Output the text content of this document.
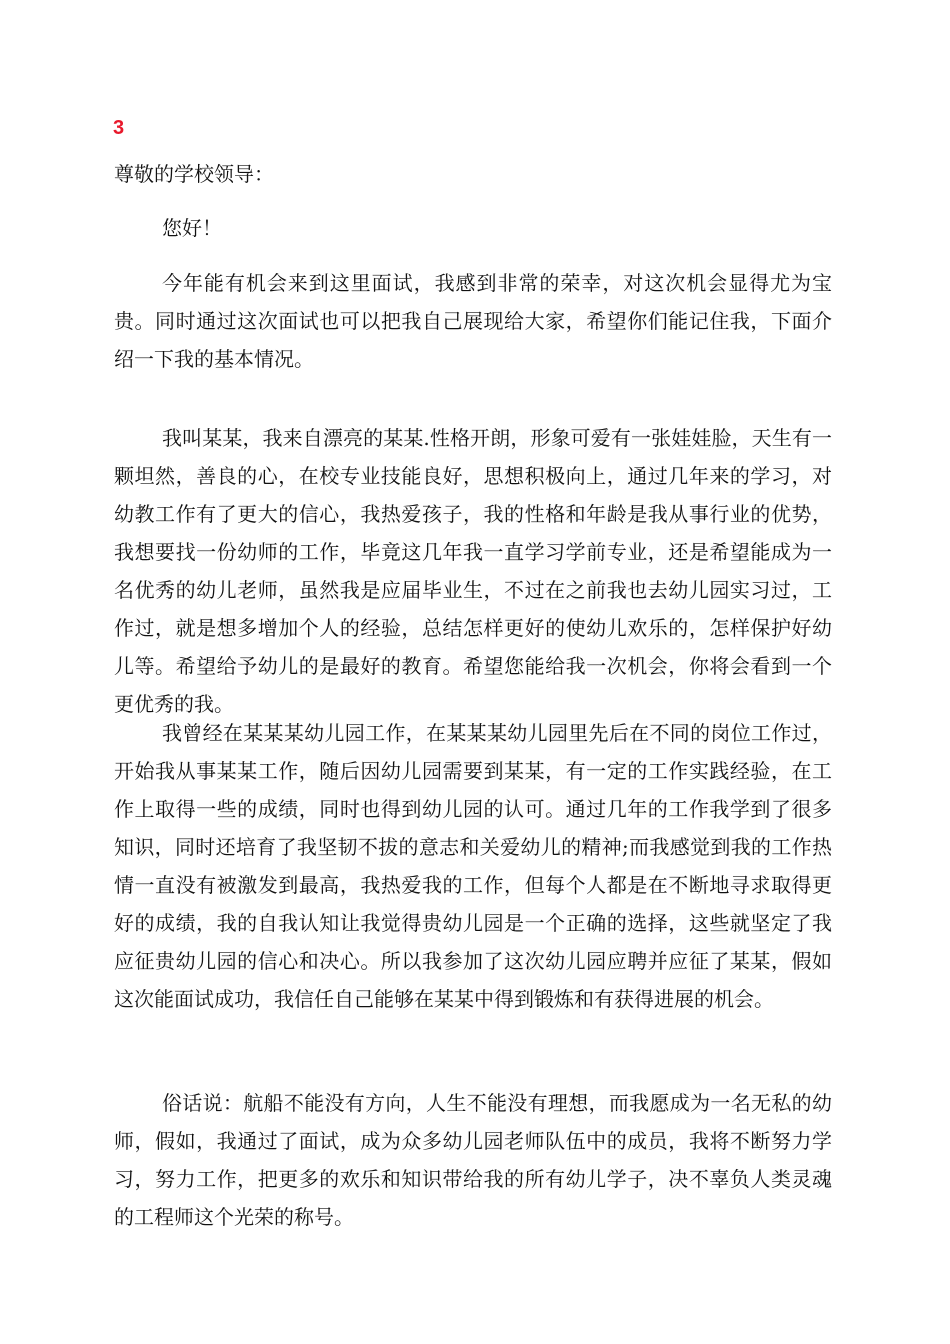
3
尊敬的学校领导：
您好！

今年能有机会来到这里面试，我感到非常的荣幸，对这次机会显得尤为宝贵。同时通过这次面试也可以把我自己展现给大家，希望你们能记住我，下面介绍一下我的基本情况。

我叫某某，我来自漂亮的某某.性格开朗，形象可爱有一张娃娃脸，天生有一颗坦然，善良的心，在校专业技能良好，思想积极向上，通过几年来的学习，对幼教工作有了更大的信心，我热爱孩子，我的性格和年龄是我从事行业的优势，我想要找一份幼师的工作，毕竟这几年我一直学习学前专业，还是希望能成为一名优秀的幼儿老师，虽然我是应届毕业生，不过在之前我也去幼儿园实习过，工作过，就是想多增加个人的经验，总结怎样更好的使幼儿欢乐的，怎样保护好幼儿等。希望给予幼儿的是最好的教育。希望您能给我一次机会，你将会看到一个更优秀的我。

我曾经在某某某幼儿园工作，在某某某幼儿园里先后在不同的岗位工作过，开始我从事某某工作，随后因幼儿园需要到某某，有一定的工作实践经验，在工作上取得一些的成绩，同时也得到幼儿园的认可。通过几年的工作我学到了很多知识，同时还培育了我坚韧不拔的意志和关爱幼儿的精神;而我感觉到我的工作热情一直没有被激发到最高，我热爱我的工作，但每个人都是在不断地寻求取得更好的成绩，我的自我认知让我觉得贵幼儿园是一个正确的选择，这些就坚定了我应征贵幼儿园的信心和决心。所以我参加了这次幼儿园应聘并应征了某某，假如这次能面试成功，我信任自己能够在某某中得到锻炼和有获得进展的机会。

俗话说：航船不能没有方向，人生不能没有理想，而我愿成为一名无私的幼师，假如，我通过了面试，成为众多幼儿园老师队伍中的成员，我将不断努力学习，努力工作，把更多的欢乐和知识带给我的所有幼儿学子，决不辜负人类灵魂的工程师这个光荣的称号。
